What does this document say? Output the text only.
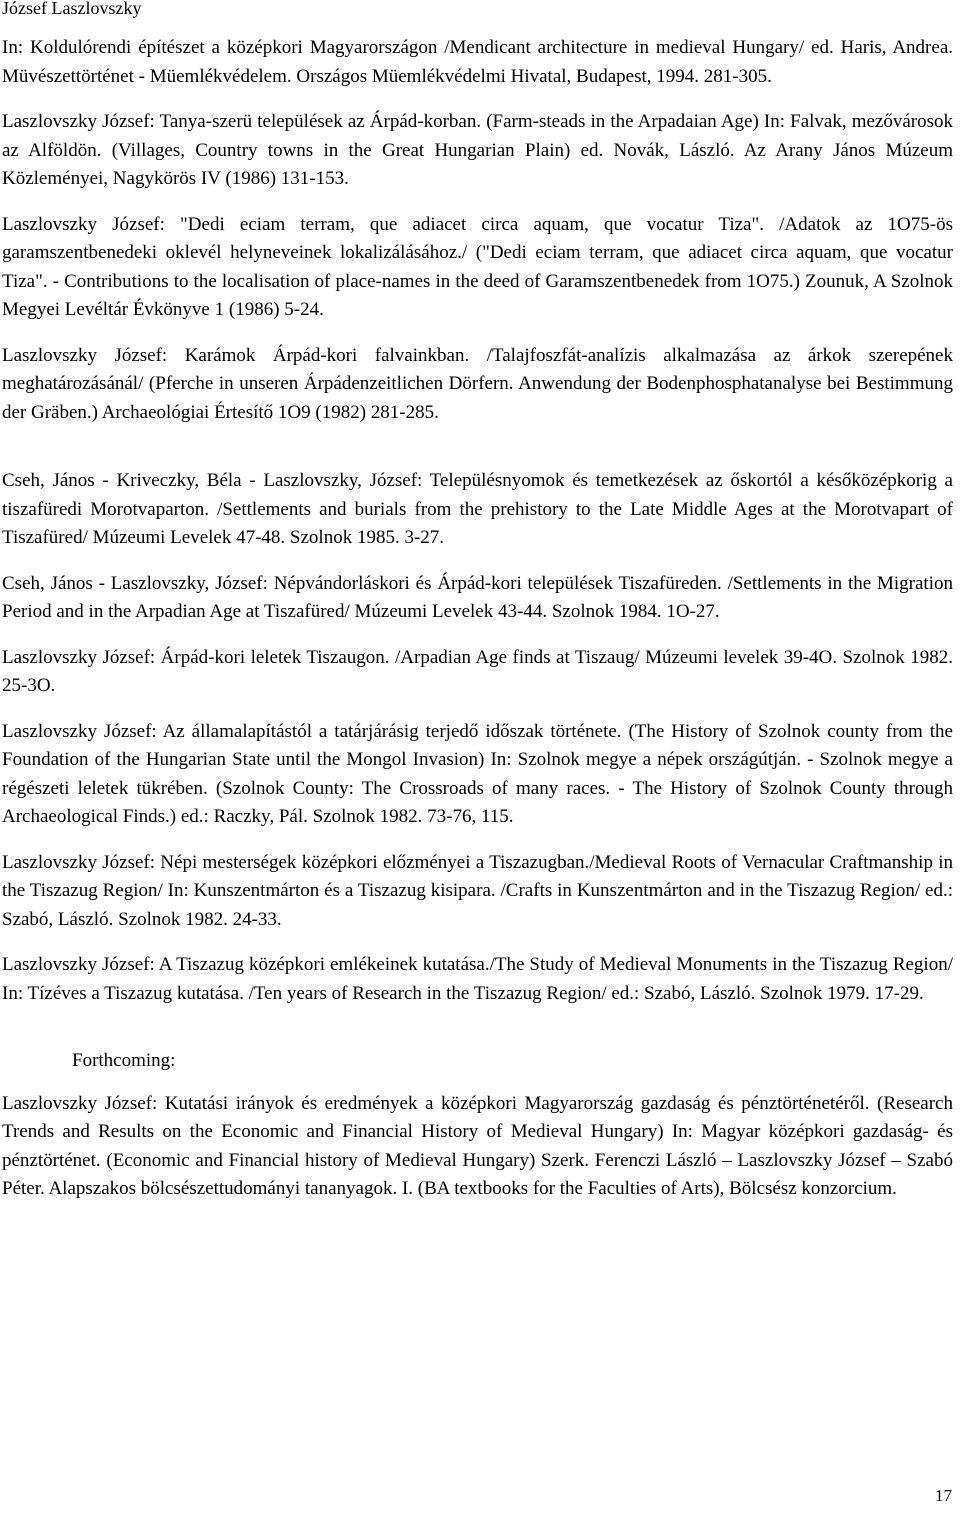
József Laszlovszky

In: Koldulórendi építészet a középkori Magyarországon /Mendicant architecture in medieval Hungary/ ed. Haris, Andrea. Müvészettörténet - Müemlékvédelem. Országos Müemlékvédelmi Hivatal, Budapest, 1994. 281-305.

Laszlovszky József: Tanya-szerü települések az Árpád-korban. (Farm-steads in the Arpadaian Age) In: Falvak, mezővárosok az Alföldön. (Villages, Country towns in the Great Hungarian Plain) ed. Novák, László. Az Arany János Múzeum Közleményei, Nagykörös IV (1986) 131-153.

Laszlovszky József: "Dedi eciam terram, que adiacet circa aquam, que vocatur Tiza". /Adatok az 1O75-ös garamszentbenedeki oklevél helyneveinek lokalizálásához./ ("Dedi eciam terram, que adiacet circa aquam, que vocatur Tiza". - Contributions to the localisation of place-names in the deed of Garamszentbenedek from 1O75.) Zounuk, A Szolnok Megyei Levéltár Évkönyve 1 (1986) 5-24.

Laszlovszky József: Karámok Árpád-kori falvainkban. /Talajfoszfát-analízis alkalmazása az árkok szerepének meghatározásánál/ (Pferche in unseren Árpádenzeitlichen Dörfern. Anwendung der Bodenphosphatanalyse bei Bestimmung der Gräben.) Archaeológiai Értesítő 1O9 (1982) 281-285.

Cseh, János - Kriveczky, Béla - Laszlovszky, József: Településnyomok és temetkezések az őskortól a későközépkorig a tiszafüredi Morotvaparton. /Settlements and burials from the prehistory to the Late Middle Ages at the Morotvapart of Tiszafüred/ Múzeumi Levelek 47-48. Szolnok 1985. 3-27.

Cseh, János - Laszlovszky, József: Népvándorláskori és Árpád-kori települések Tiszafüreden. /Settlements in the Migration Period and in the Arpadian Age at Tiszafüred/ Múzeumi Levelek 43-44. Szolnok 1984. 1O-27.

Laszlovszky József: Árpád-kori leletek Tiszaugon. /Arpadian Age finds at Tiszaug/ Múzeumi levelek 39-4O. Szolnok 1982. 25-3O.

Laszlovszky József: Az államalapítástól a tatárjárásig terjedő időszak története. (The History of Szolnok county from the Foundation of the Hungarian State until the Mongol Invasion) In: Szolnok megye a népek országútján. - Szolnok megye a régészeti leletek tükrében. (Szolnok County: The Crossroads of many races. - The History of Szolnok County through Archaeological Finds.) ed.: Raczky, Pál. Szolnok 1982. 73-76, 115.

Laszlovszky József: Népi mesterségek középkori előzményei a Tiszazugban./Medieval Roots of Vernacular Craftmanship in the Tiszazug Region/ In: Kunszentmárton és a Tiszazug kisipara. /Crafts in Kunszentmárton and in the Tiszazug Region/ ed.: Szabó, László. Szolnok 1982. 24-33.

Laszlovszky József: A Tiszazug középkori emlékeinek kutatása./The Study of Medieval Monuments in the Tiszazug Region/ In: Tízéves a Tiszazug kutatása. /Ten years of Research in the Tiszazug Region/ ed.: Szabó, László. Szolnok 1979. 17-29.

Forthcoming:

Laszlovszky József: Kutatási irányok és eredmények a középkori Magyarország gazdaság és pénztörténetéről. (Research Trends and Results on the Economic and Financial History of Medieval Hungary) In: Magyar középkori gazdaság- és pénztörténet. (Economic and Financial history of Medieval Hungary) Szerk. Ferenczi László – Laszlovszky József – Szabó Péter. Alapszakos bölcsészettudományi tananyagok. I. (BA textbooks for the Faculties of Arts), Bölcsész konzorcium.

17
